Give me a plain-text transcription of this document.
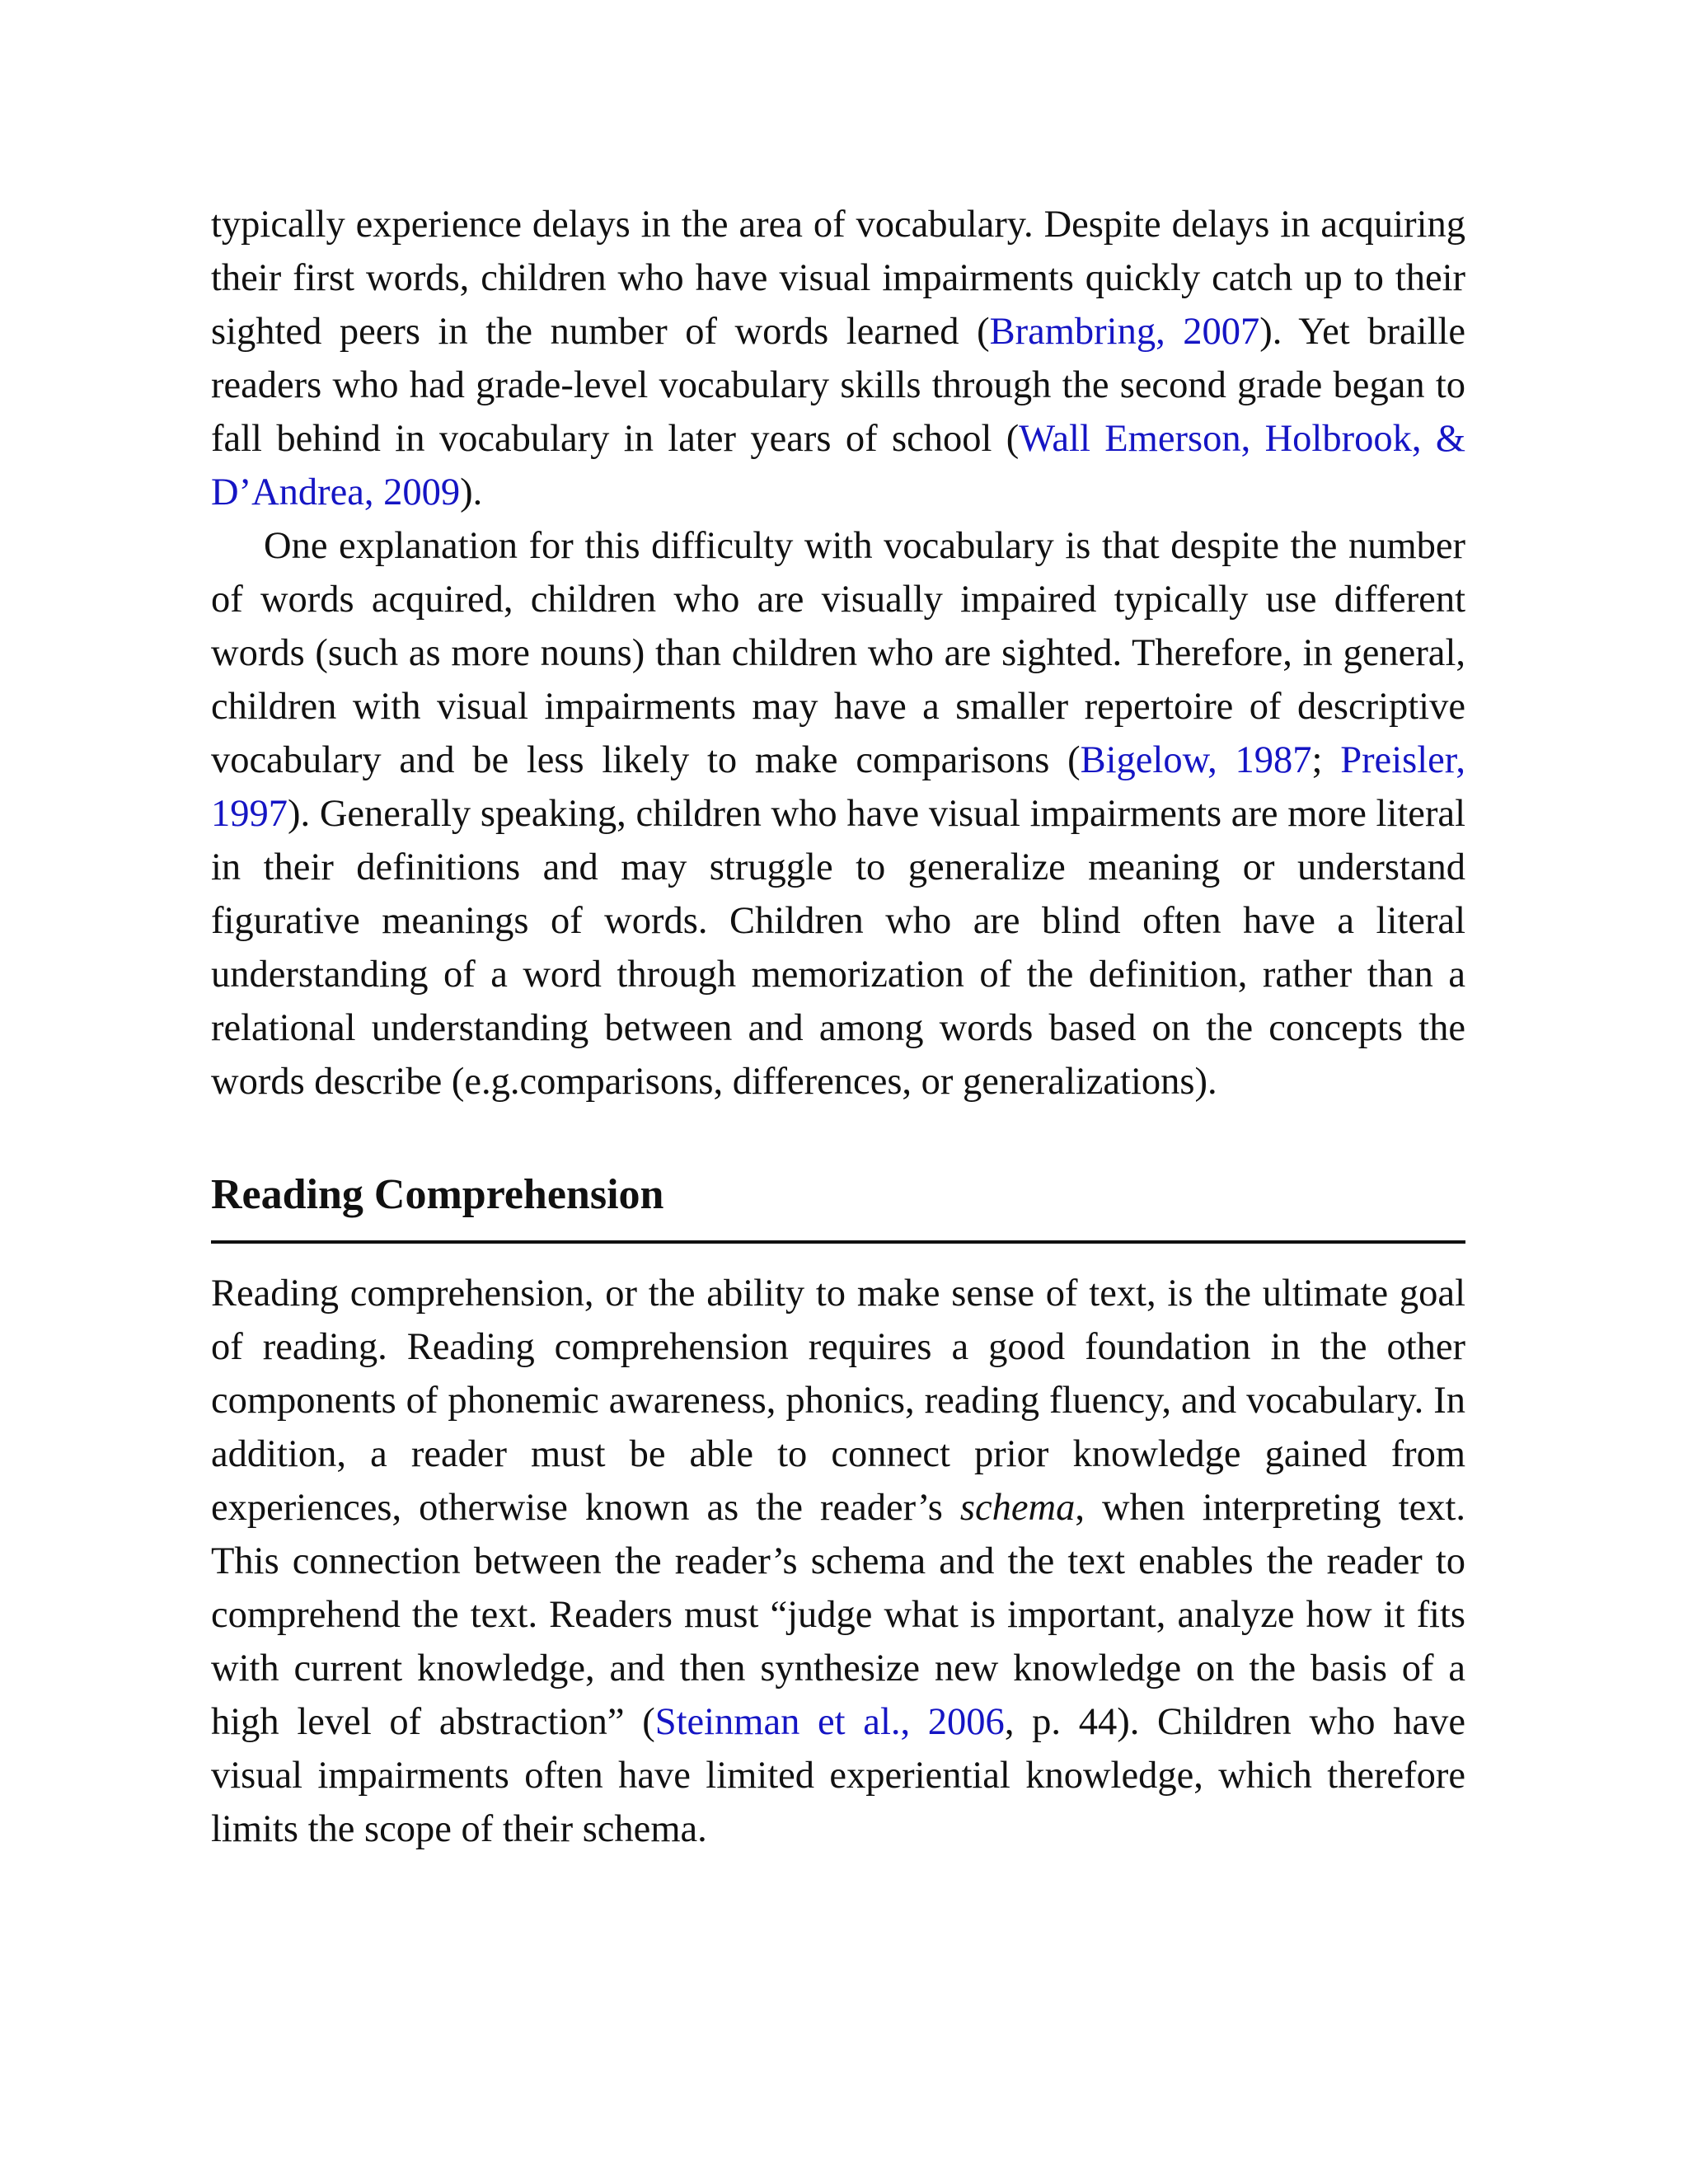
typically experience delays in the area of vocabulary. Despite delays in acquiring their first words, children who have visual impairments quickly catch up to their sighted peers in the number of words learned (Brambring, 2007). Yet braille readers who had grade-level vocabulary skills through the second grade began to fall behind in vocabulary in later years of school (Wall Emerson, Holbrook, & D’Andrea, 2009).

One explanation for this difficulty with vocabulary is that despite the number of words acquired, children who are visually impaired typically use different words (such as more nouns) than children who are sighted. Therefore, in general, children with visual impairments may have a smaller repertoire of descriptive vocabulary and be less likely to make comparisons (Bigelow, 1987; Preisler, 1997). Generally speaking, children who have visual impairments are more literal in their definitions and may struggle to generalize meaning or understand figurative meanings of words. Children who are blind often have a literal understanding of a word through memorization of the definition, rather than a relational understanding between and among words based on the concepts the words describe (e.g.comparisons, differences, or generalizations).

Reading Comprehension

Reading comprehension, or the ability to make sense of text, is the ultimate goal of reading. Reading comprehension requires a good foundation in the other components of phonemic awareness, phonics, reading fluency, and vocabulary. In addition, a reader must be able to connect prior knowledge gained from experiences, otherwise known as the reader’s schema, when interpreting text. This connection between the reader’s schema and the text enables the reader to comprehend the text. Readers must “judge what is important, analyze how it fits with current knowledge, and then synthesize new knowledge on the basis of a high level of abstraction” (Steinman et al., 2006, p. 44). Children who have visual impairments often have limited experiential knowledge, which therefore limits the scope of their schema.
